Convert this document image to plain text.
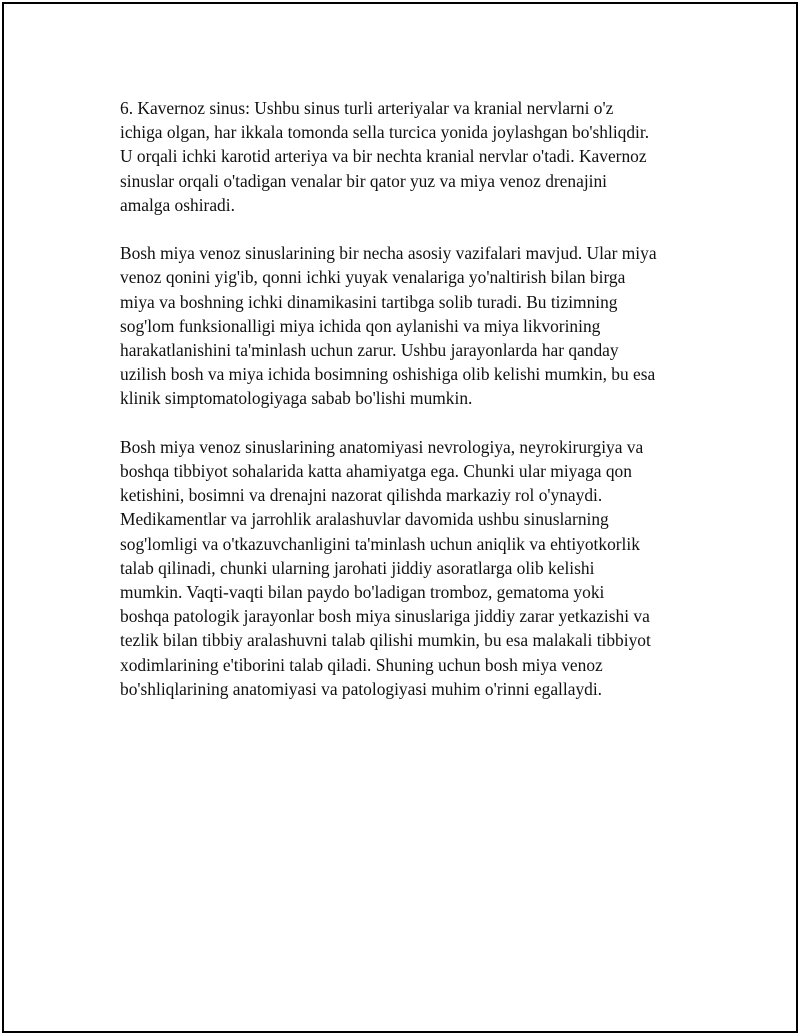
6. Kavernoz sinus: Ushbu sinus turli arteriyalar va kranial nervlarni o'z
ichiga olgan, har ikkala tomonda sella turcica yonida joylashgan bo'shliqdir.
U orqali ichki karotid arteriya va bir nechta kranial nervlar o'tadi. Kavernoz
sinuslar orqali o'tadigan venalar bir qator yuz va miya venoz drenajini
amalga oshiradi.

Bosh miya venoz sinuslarining bir necha asosiy vazifalari mavjud. Ular miya
venoz qonini yig'ib, qonni ichki yuyak venalariga yo'naltirish bilan birga
miya va boshning ichki dinamikasini tartibga solib turadi. Bu tizimning
sog'lom funksionalligi miya ichida qon aylanishi va miya likvorining
harakatlanishini ta'minlash uchun zarur. Ushbu jarayonlarda har qanday
uzilish bosh va miya ichida bosimning oshishiga olib kelishi mumkin, bu esa
klinik simptomatologiyaga sabab bo'lishi mumkin.

Bosh miya venoz sinuslarining anatomiyasi nevrologiya, neyrokirurgiya va
boshqa tibbiyot sohalarida katta ahamiyatga ega. Chunki ular miyaga qon
ketishini, bosimni va drenajni nazorat qilishda markaziy rol o'ynaydi.
Medikamentlar va jarrohlik aralashuvlar davomida ushbu sinuslarning
sog'lomligi va o'tkazuvchanligini ta'minlash uchun aniqlik va ehtiyotkorlik
talab qilinadi, chunki ularning jarohati jiddiy asoratlarga olib kelishi
mumkin. Vaqti-vaqti bilan paydo bo'ladigan tromboz, gematoma yoki
boshqa patologik jarayonlar bosh miya sinuslariga jiddiy zarar yetkazishi va
tezlik bilan tibbiy aralashuvni talab qilishi mumkin, bu esa malakali tibbiyot
xodimlarining e'tiborini talab qiladi. Shuning uchun bosh miya venoz
bo'shliqlarining anatomiyasi va patologiyasi muhim o'rinni egallaydi.
